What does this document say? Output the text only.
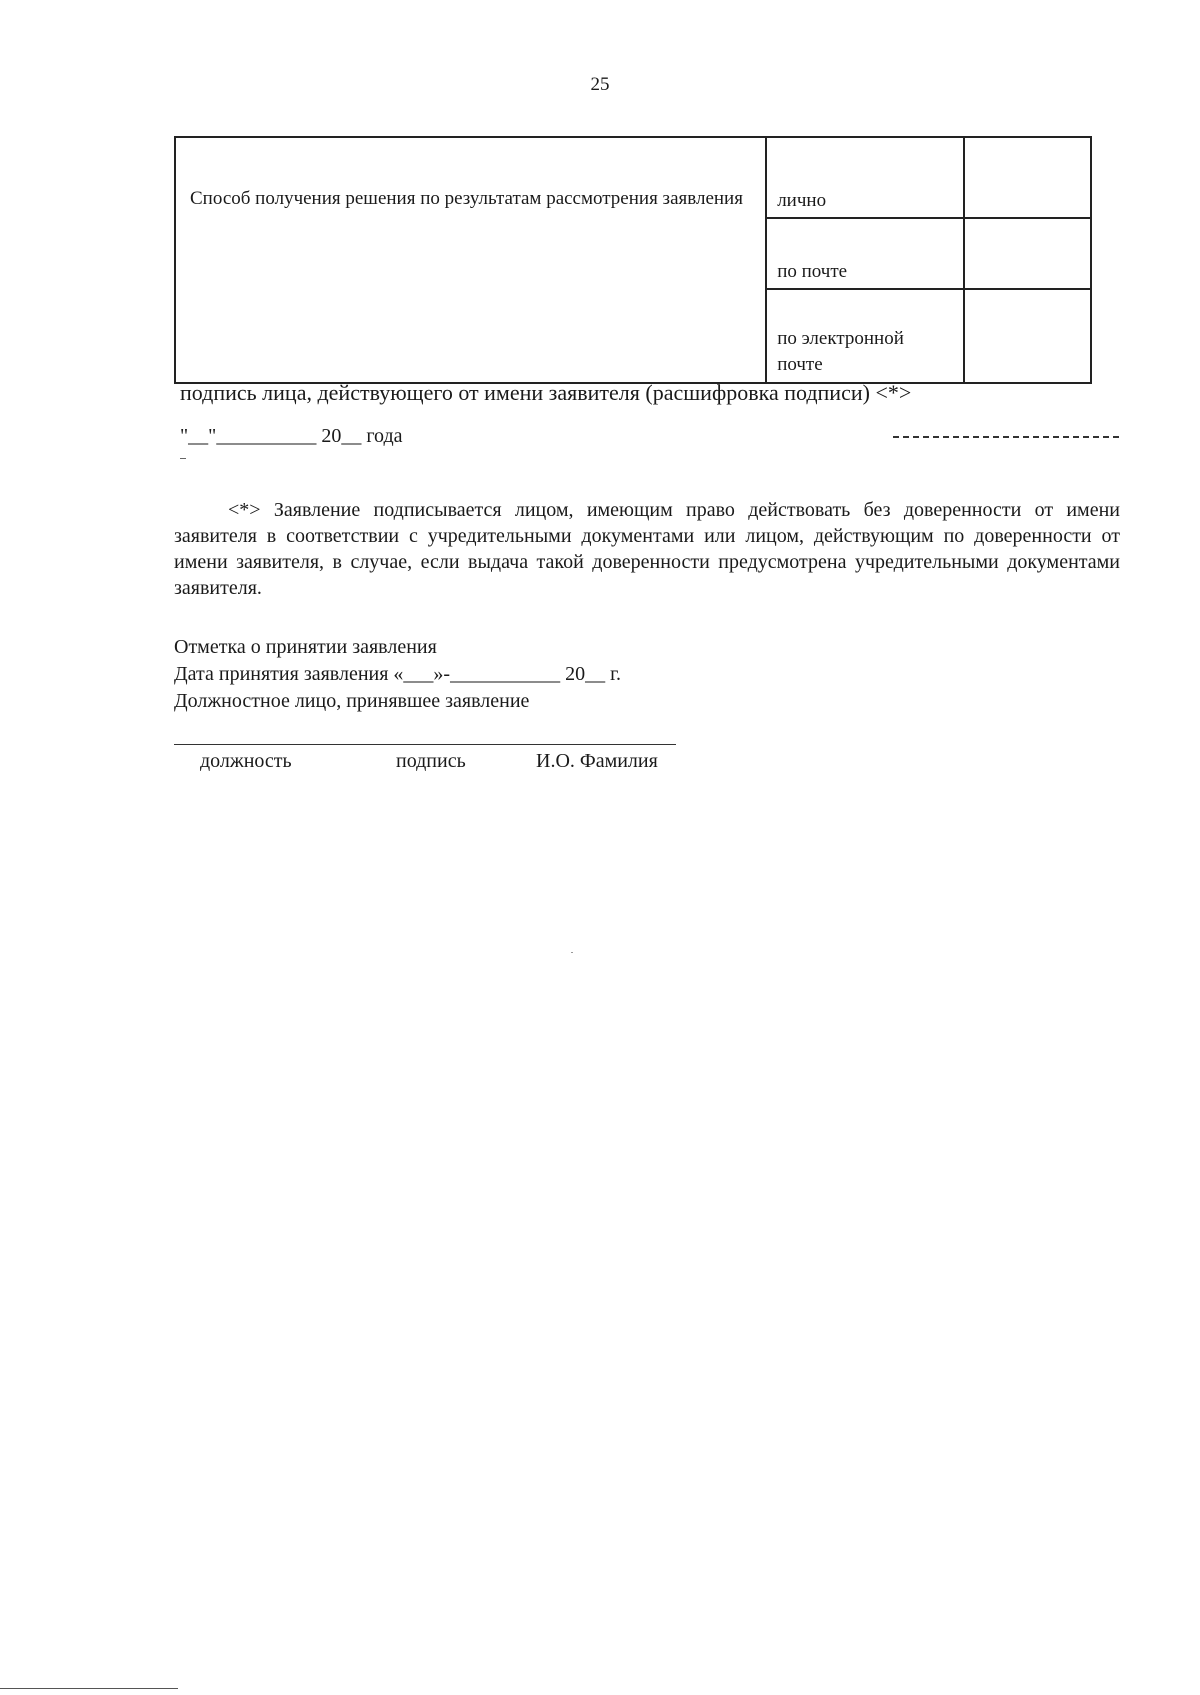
25
Способ получения решения по результатам рассмотрения заявления	лично	

	по почте	

	по электронной почте	

подпись лица, действующего от имени заявителя (расшифровка подписи) <*>
"__"__________ 20__ года

<*> Заявление подписывается лицом, имеющим право действовать без доверенности от имени заявителя в соответствии с учредительными документами или лицом, действующим по доверенности от имени заявителя, в случае, если выдача такой доверенности предусмотрена учредительными документами заявителя.

Отметка о принятии заявления
Дата принятия заявления «___»-___________ 20__ г.
Должностное лицо, принявшее заявление
должность	подпись	И.О. Фамилия
